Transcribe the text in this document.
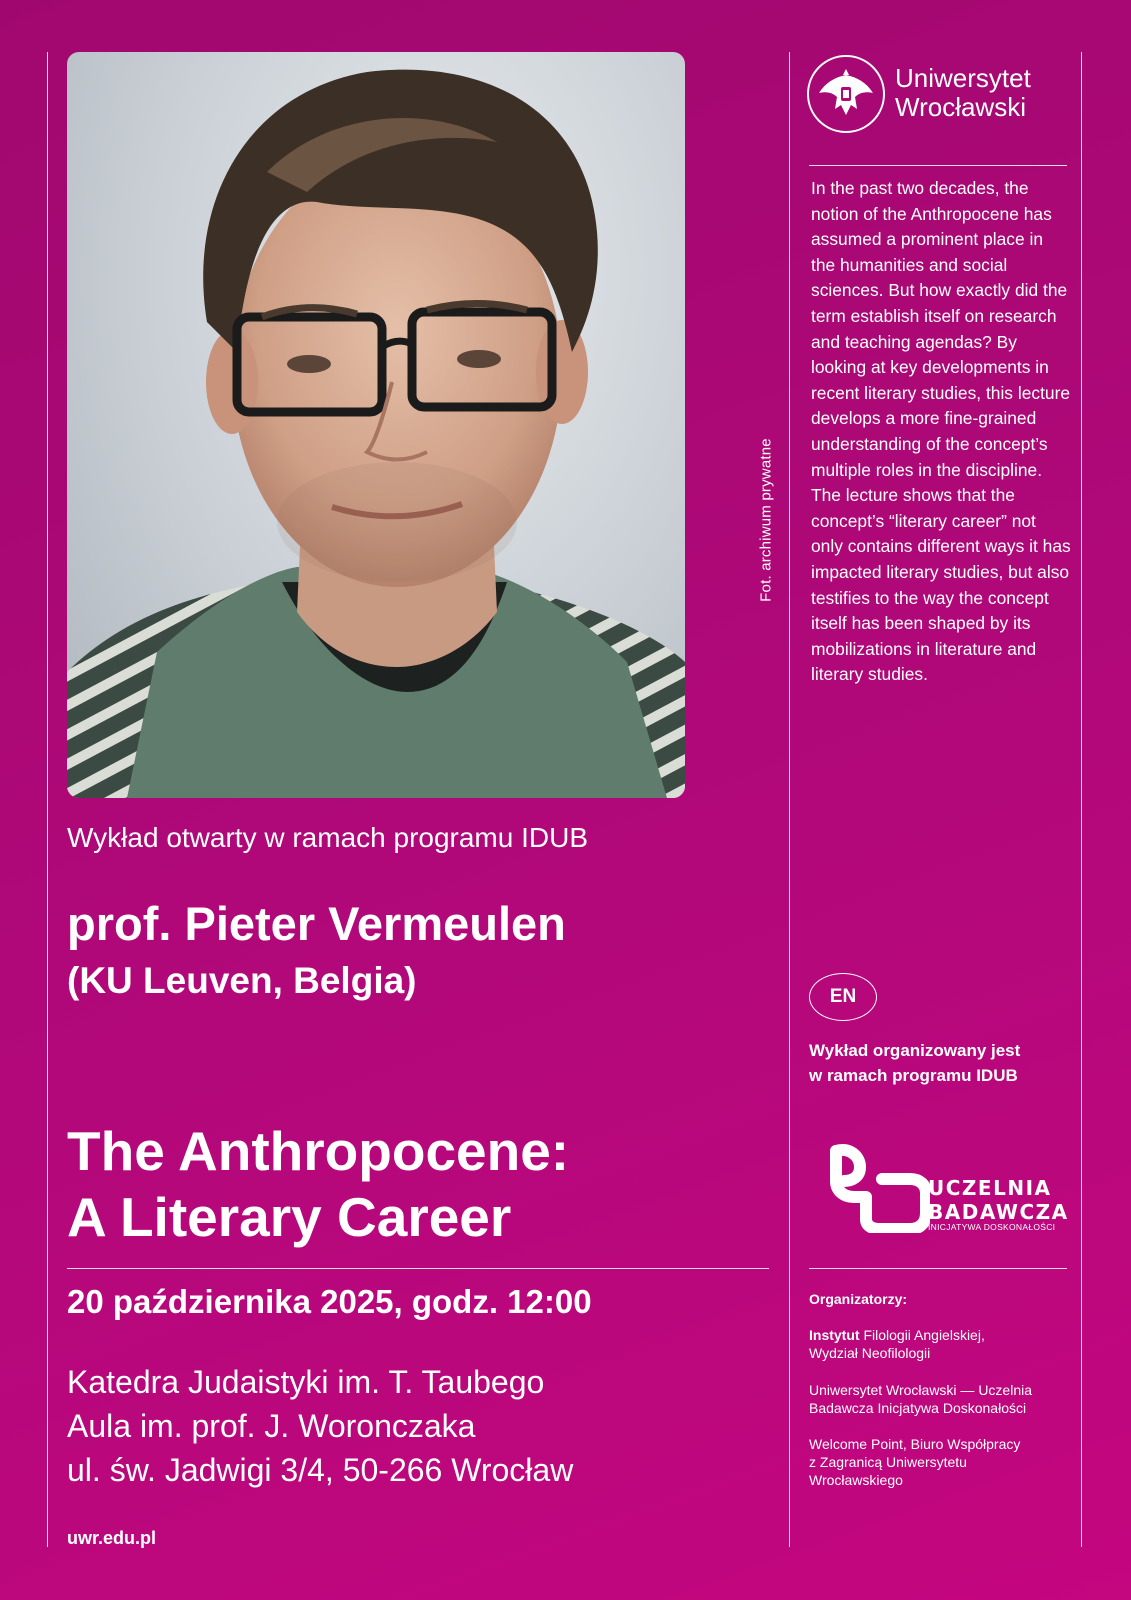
Fot. archiwum prywatne
Wykład otwarty w ramach programu IDUB
prof. Pieter Vermeulen
(KU Leuven, Belgia)
The Anthropocene:
A Literary Career
20 października 2025, godz. 12:00
Katedra Judaistyki im. T. Taubego
Aula im. prof. J. Woronczaka
ul. św. Jadwigi 3/4, 50-266 Wrocław
uwr.edu.pl
Uniwersytet
Wrocławski
In the past two decades, the notion of the Anthropocene has assumed a prominent place in the humanities and social sciences. But how exactly did the term establish itself on research and teaching agendas? By looking at key developments in recent literary studies, this lecture develops a more fine-grained understanding of the concept’s multiple roles in the discipline. The lecture shows that the concept’s “literary career” not only contains different ways it has impacted literary studies, but also testifies to the way the concept itself has been shaped by its mobilizations in literature and literary studies.
EN
Wykład organizowany jest
w ramach programu IDUB
UCZELNIA
BADAWCZA
INICJATYWA DOSKONAŁOŚCI
Organizatorzy:
Instytut Filologii Angielskiej,
Wydział Neofilologii
Uniwersytet Wrocławski — Uczelnia
Badawcza Inicjatywa Doskonałości
Welcome Point, Biuro Współpracy
z Zagranicą Uniwersytetu
Wrocławskiego
